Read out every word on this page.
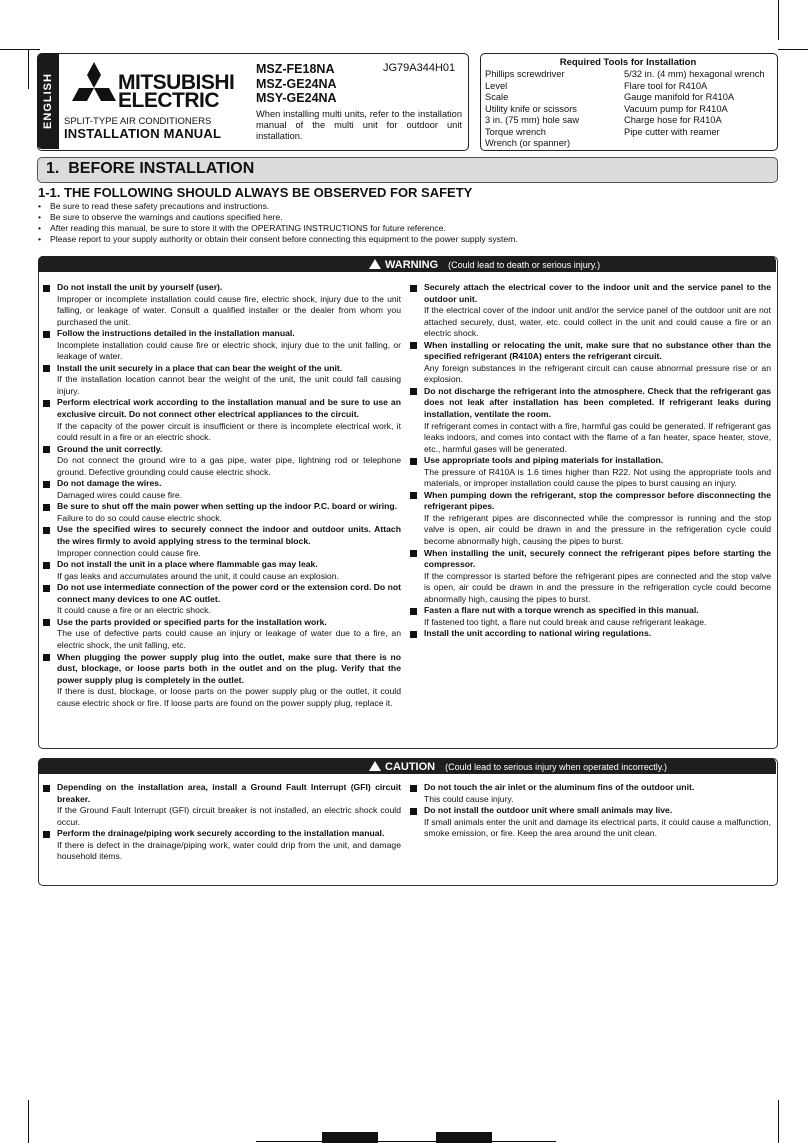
ENGLISH	MITSUBISHI
ELECTRIC
SPLIT-TYPE AIR CONDITIONERS
INSTALLATION MANUAL
MSZ-FE18NA
MSZ-GE24NA
MSY-GE24NA
JG79A344H01
When installing multi units, refer to the installation manual of the multi unit for outdoor unit installation.
Required Tools for Installation
Phillips screwdriver
Level
Scale
Utility knife or scissors
3 in. (75 mm) hole saw
Torque wrench
Wrench (or spanner)
5/32 in. (4 mm) hexagonal wrench
Flare tool for R410A
Gauge manifold for R410A
Vacuum pump for R410A
Charge hose for R410A
Pipe cutter with reamer
1.  BEFORE INSTALLATION
1-1. THE FOLLOWING SHOULD ALWAYS BE OBSERVED FOR SAFETY
• Be sure to read these safety precautions and instructions.
• Be sure to observe the warnings and cautions specified here.
• After reading this manual, be sure to store it with the OPERATING INSTRUCTIONS for future reference.
• Please report to your supply authority or obtain their consent before connecting this equipment to the power supply system.
WARNING (Could lead to death or serious injury.)
Do not install the unit by yourself (user).
Improper or incomplete installation could cause fire, electric shock, injury due to the unit falling, or leakage of water. Consult a qualified installer or the dealer from whom you purchased the unit.
Follow the instructions detailed in the installation manual.
Incomplete installation could cause fire or electric shock, injury due to the unit falling, or leakage of water.
Install the unit securely in a place that can bear the weight of the unit.
If the installation location cannot bear the weight of the unit, the unit could fall causing injury.
Perform electrical work according to the installation manual and be sure to use an exclusive circuit. Do not connect other electrical appliances to the circuit.
If the capacity of the power circuit is insufficient or there is incomplete electrical work, it could result in a fire or an electric shock.
Ground the unit correctly.
Do not connect the ground wire to a gas pipe, water pipe, lightning rod or telephone ground. Defective grounding could cause electric shock.
Do not damage the wires.
Damaged wires could cause fire.
Be sure to shut off the main power when setting up the indoor P.C. board or wiring.
Failure to do so could cause electric shock.
Use the specified wires to securely connect the indoor and outdoor units. Attach the wires firmly to avoid applying stress to the terminal block.
Improper connection could cause fire.
Do not install the unit in a place where flammable gas may leak.
If gas leaks and accumulates around the unit, it could cause an explosion.
Do not use intermediate connection of the power cord or the extension cord. Do not connect many devices to one AC outlet.
It could cause a fire or an electric shock.
Use the parts provided or specified parts for the installation work.
The use of defective parts could cause an injury or leakage of water due to a fire, an electric shock, the unit falling, etc.
When plugging the power supply plug into the outlet, make sure that there is no dust, blockage, or loose parts both in the outlet and on the plug. Verify that the power supply plug is completely in the outlet.
If there is dust, blockage, or loose parts on the power supply plug or the outlet, it could cause electric shock or fire. If loose parts are found on the power supply plug, replace it.
Securely attach the electrical cover to the indoor unit and the service panel to the outdoor unit.
If the electrical cover of the indoor unit and/or the service panel of the outdoor unit are not attached securely, dust, water, etc. could collect in the unit and could cause a fire or an electric shock.
When installing or relocating the unit, make sure that no substance other than the specified refrigerant (R410A) enters the refrigerant circuit.
Any foreign substances in the refrigerant circuit can cause abnormal pressure rise or an explosion.
Do not discharge the refrigerant into the atmosphere. Check that the refrigerant gas does not leak after installation has been completed. If refrigerant leaks during installation, ventilate the room.
If refrigerant comes in contact with a fire, harmful gas could be generated. If refrigerant gas leaks indoors, and comes into contact with the flame of a fan heater, space heater, stove, etc., harmful gases will be generated.
Use appropriate tools and piping materials for installation.
The pressure of R410A is 1.6 times higher than R22. Not using the appropriate tools and materials, or improper installation could cause the pipes to burst causing an injury.
When pumping down the refrigerant, stop the compressor before disconnecting the refrigerant pipes.
If the refrigerant pipes are disconnected while the compressor is running and the stop valve is open, air could be drawn in and the pressure in the refrigeration cycle could become abnormally high, causing the pipes to burst.
When installing the unit, securely connect the refrigerant pipes before starting the compressor.
If the compressor is started before the refrigerant pipes are connected and the stop valve is open, air could be drawn in and the pressure in the refrigeration cycle could become abnormally high, causing the pipes to burst.
Fasten a flare nut with a torque wrench as specified in this manual.
If fastened too tight, a flare nut could break and cause refrigerant leakage.
Install the unit according to national wiring regulations.
CAUTION (Could lead to serious injury when operated incorrectly.)
Depending on the installation area, install a Ground Fault Interrupt (GFI) circuit breaker.
If the Ground Fault Interrupt (GFI) circuit breaker is not installed, an electric shock could occur.
Perform the drainage/piping work securely according to the installation manual.
If there is defect in the drainage/piping work, water could drip from the unit, and damage household items.
Do not touch the air inlet or the aluminum fins of the outdoor unit.
This could cause injury.
Do not install the outdoor unit where small animals may live.
If small animals enter the unit and damage its electrical parts, it could cause a malfunction, smoke emission, or fire. Keep the area around the unit clean.
